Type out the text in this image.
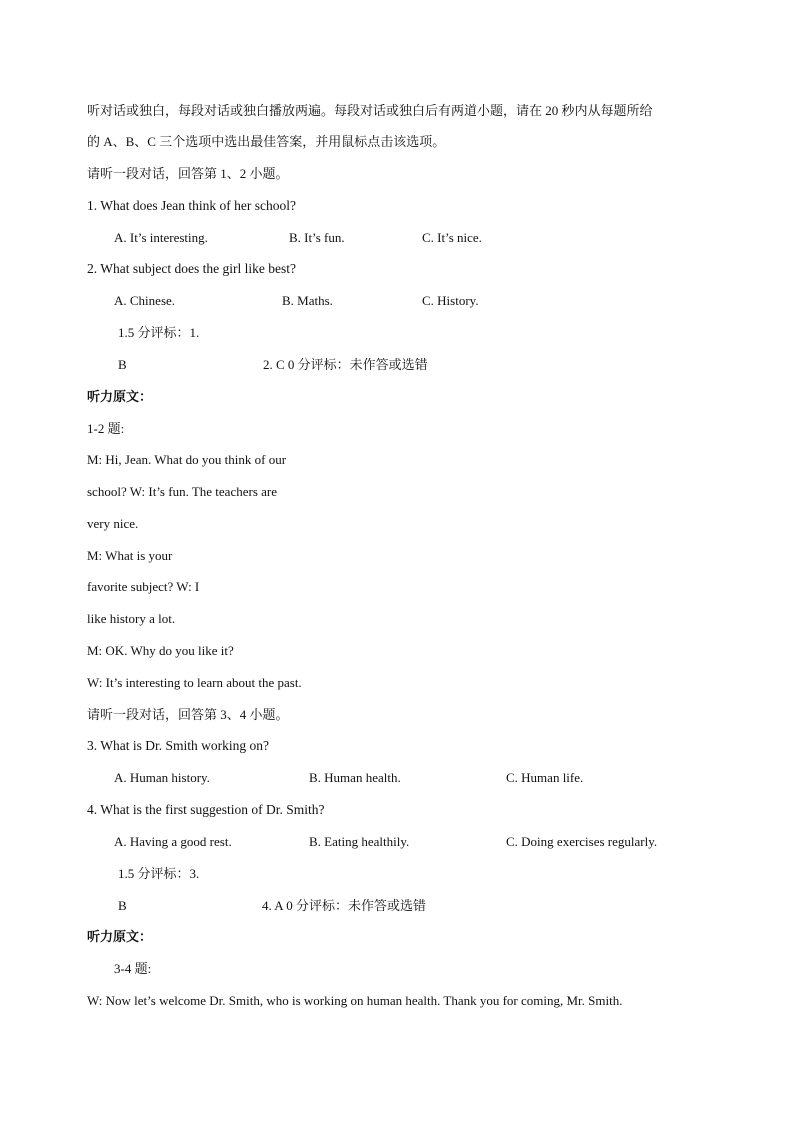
听对话或独白，每段对话或独白播放两遍。每段对话或独白后有两道小题，请在 20 秒内从每题所给
的 A、B、C 三个选项中选出最佳答案，并用鼠标点击该选项。
请听一段对话，回答第 1、2 小题。
1. What does Jean think of her school?
A. It’s interesting.	B. It’s fun.	C. It’s nice.
2. What subject does the girl like best?
A. Chinese.	B. Maths.	C. History.
1.5 分评标：1.
B	2. C 0 分评标：未作答或选错
听力原文：
1-2 题:
M: Hi, Jean. What do you think of our
school? W: It’s fun. The teachers are
very nice.
M: What is your
favorite subject? W: I
like history a lot.
M: OK. Why do you like it?
W: It’s interesting to learn about the past.
请听一段对话，回答第 3、4 小题。
3. What is Dr. Smith working on?
A. Human history.	B. Human health.	C. Human life.
4. What is the first suggestion of Dr. Smith?
A. Having a good rest.	B. Eating healthily.	C. Doing exercises regularly.
1.5 分评标：3.
B	4. A 0 分评标：未作答或选错
听力原文：
3-4 题:
W: Now let’s welcome Dr. Smith, who is working on human health. Thank you for coming, Mr. Smith.
